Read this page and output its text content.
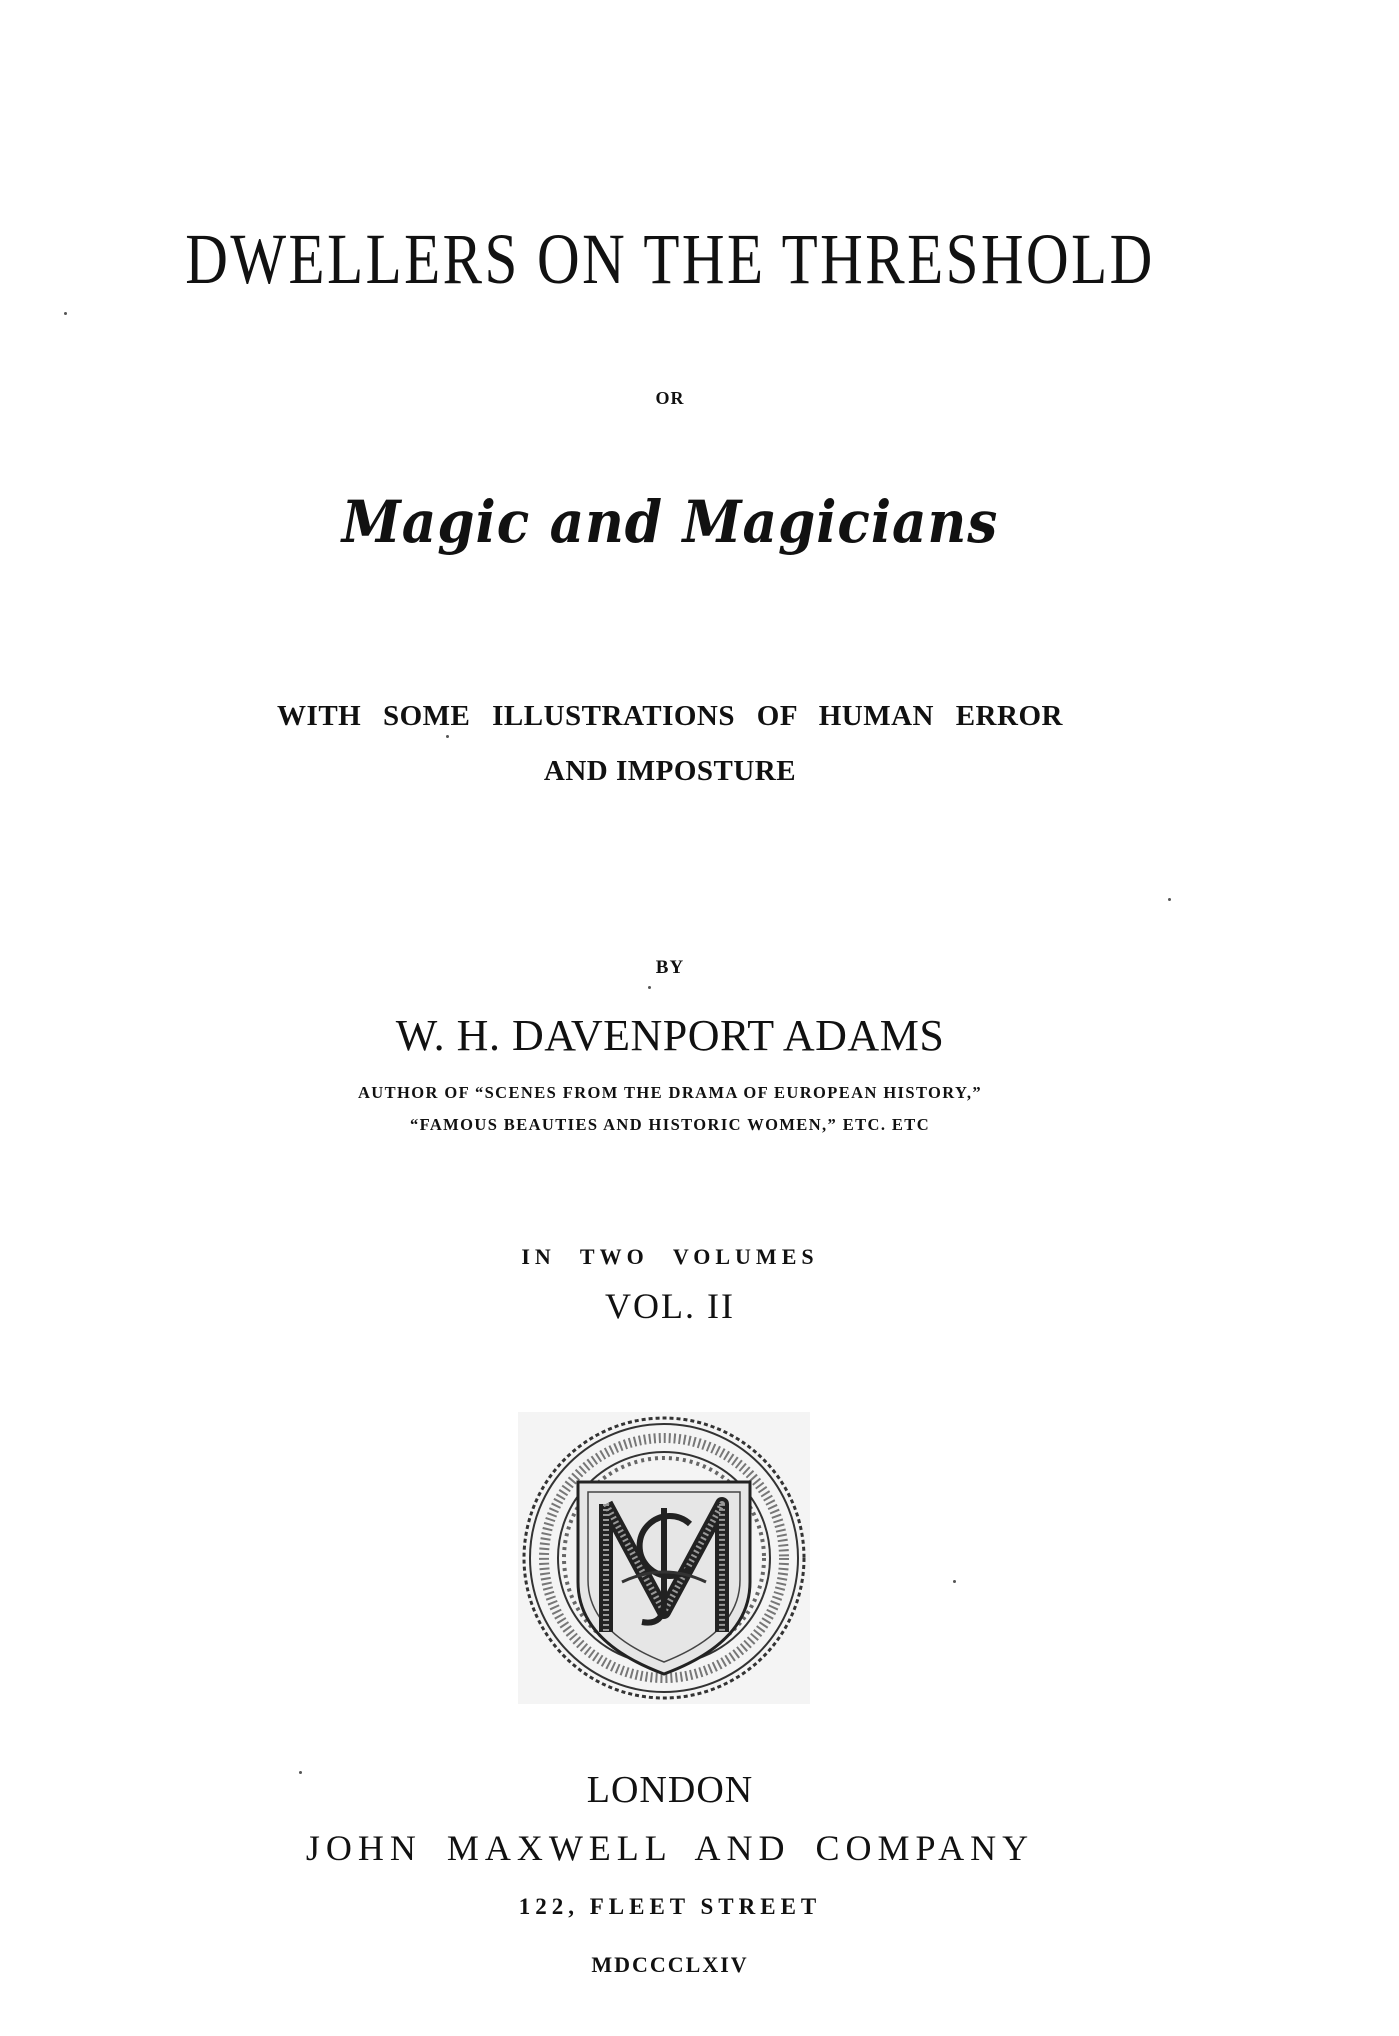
DWELLERS ON THE THRESHOLD
OR
Magic and Magicians
WITH SOME ILLUSTRATIONS OF HUMAN ERROR
AND IMPOSTURE
BY
W. H. DAVENPORT ADAMS
AUTHOR OF “SCENES FROM THE DRAMA OF EUROPEAN HISTORY,”
“FAMOUS BEAUTIES AND HISTORIC WOMEN,” ETC. ETC
IN TWO VOLUMES
VOL. II
LONDON
JOHN MAXWELL AND COMPANY
122, FLEET STREET
MDCCCLXIV
